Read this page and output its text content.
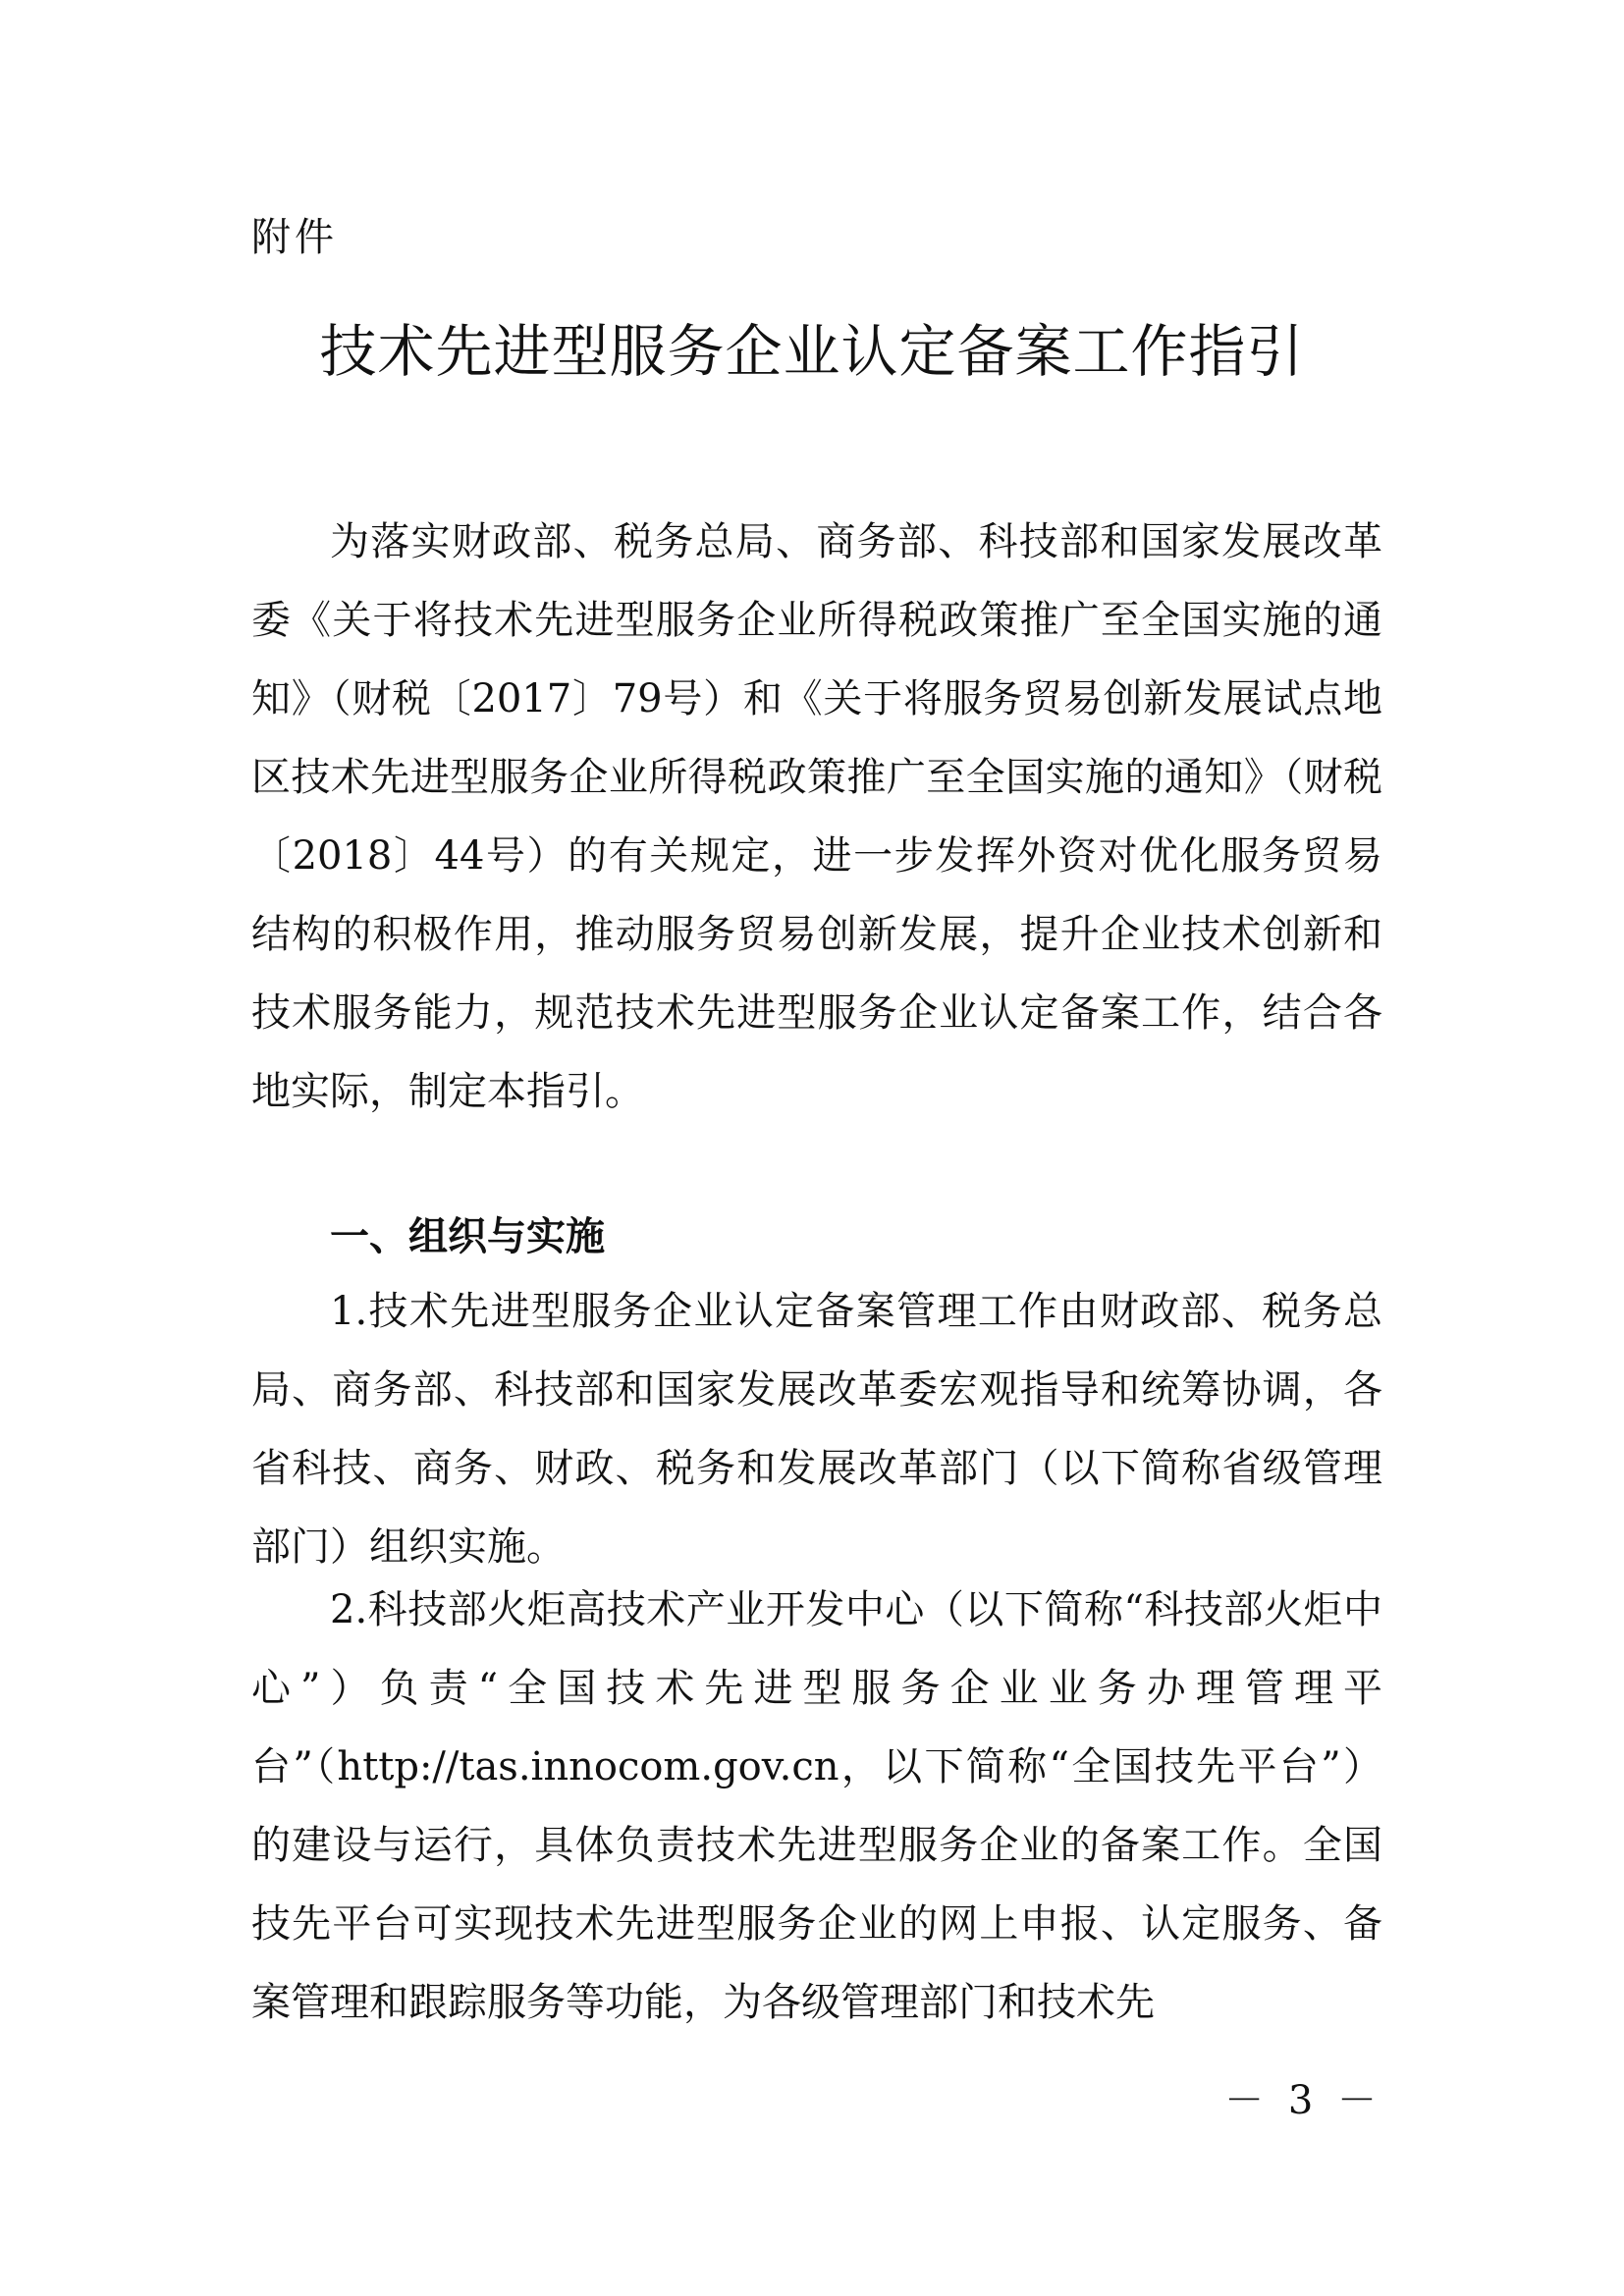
附件
技术先进型服务企业认定备案工作指引
为落实财政部、税务总局、商务部、科技部和国家发展改革委《关于将技术先进型服务企业所得税政策推广至全国实施的通知》（财税〔2017〕79号）和《关于将服务贸易创新发展试点地区技术先进型服务企业所得税政策推广至全国实施的通知》（财税〔2018〕44号）的有关规定，进一步发挥外资对优化服务贸易结构的积极作用，推动服务贸易创新发展，提升企业技术创新和技术服务能力，规范技术先进型服务企业认定备案工作，结合各地实际，制定本指引。
一、组织与实施
1.技术先进型服务企业认定备案管理工作由财政部、税务总局、商务部、科技部和国家发展改革委宏观指导和统筹协调，各省科技、商务、财政、税务和发展改革部门（以下简称省级管理部门）组织实施。
2.科技部火炬高技术产业开发中心（以下简称“科技部火炬中心”）负责“全国技术先进型服务企业业务办理管理平台”（http://tas.innocom.gov.cn，以下简称“全国技先平台”）的建设与运行，具体负责技术先进型服务企业的备案工作。全国技先平台可实现技术先进型服务企业的网上申报、认定服务、备案管理和跟踪服务等功能，为各级管理部门和技术先
－ 3 －
